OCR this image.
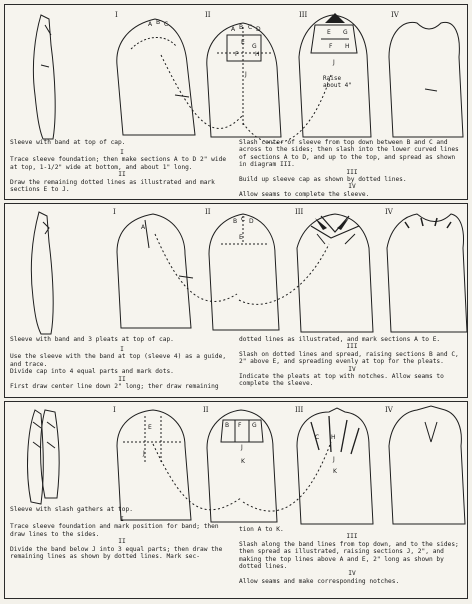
I	II	III	IV
A B C
A B C D
E
G
F	H
J
E G
F H
J
Raise
about 4"
Sleeve with band at top of cap.
I
Trace sleeve foundation; then make sections A to D 2" wide at top, 1-1/2" wide at bottom, and about 1" long.
II
Draw the remaining dotted lines as illustrated and mark sections E to J.
Slash center of sleeve from top down between B and C and across to the sides; then slash into the lower curved lines of sections A to D, and up to the top, and spread as shown in diagram III.
III
Build up sleeve cap as shown by dotted lines.
IV
Allow seams to complete the sleeve.
I	II	III	IV
A
B C D
E
Sleeve with band and 3 pleats at top of cap.
I
Use the sleeve with the band at top (sleeve 4) as a guide, and trace.
Divide cap into 4 equal parts and mark dots.
II
First draw center line down 2" long; ther draw remaining
dotted lines as illustrated, and mark sections A to E.
III
Slash on dotted lines and spread, raising sections B and C, 2" above E, and spreading evenly at top for the pleats.
IV
Indicate the pleats at top with notches. Allow seams to complete the sleeve.
I	II	III	IV
E
J
B F G
J
K
C H
J
K
Sleeve with slash gathers at top.
I
Trace sleeve foundation and mark position for band; then draw lines to the sides.
II
Divide the band below J into 3 equal parts; then draw the remaining lines as shown by dotted lines. Mark sec-
tion A to K.
III
Slash along the band lines from top down, and to the sides; then spread as illustrated, raising sections J, 2", and making the top lines above A and E, 2" long as shown by dotted lines.
IV
Allow seams and make corresponding notches.
